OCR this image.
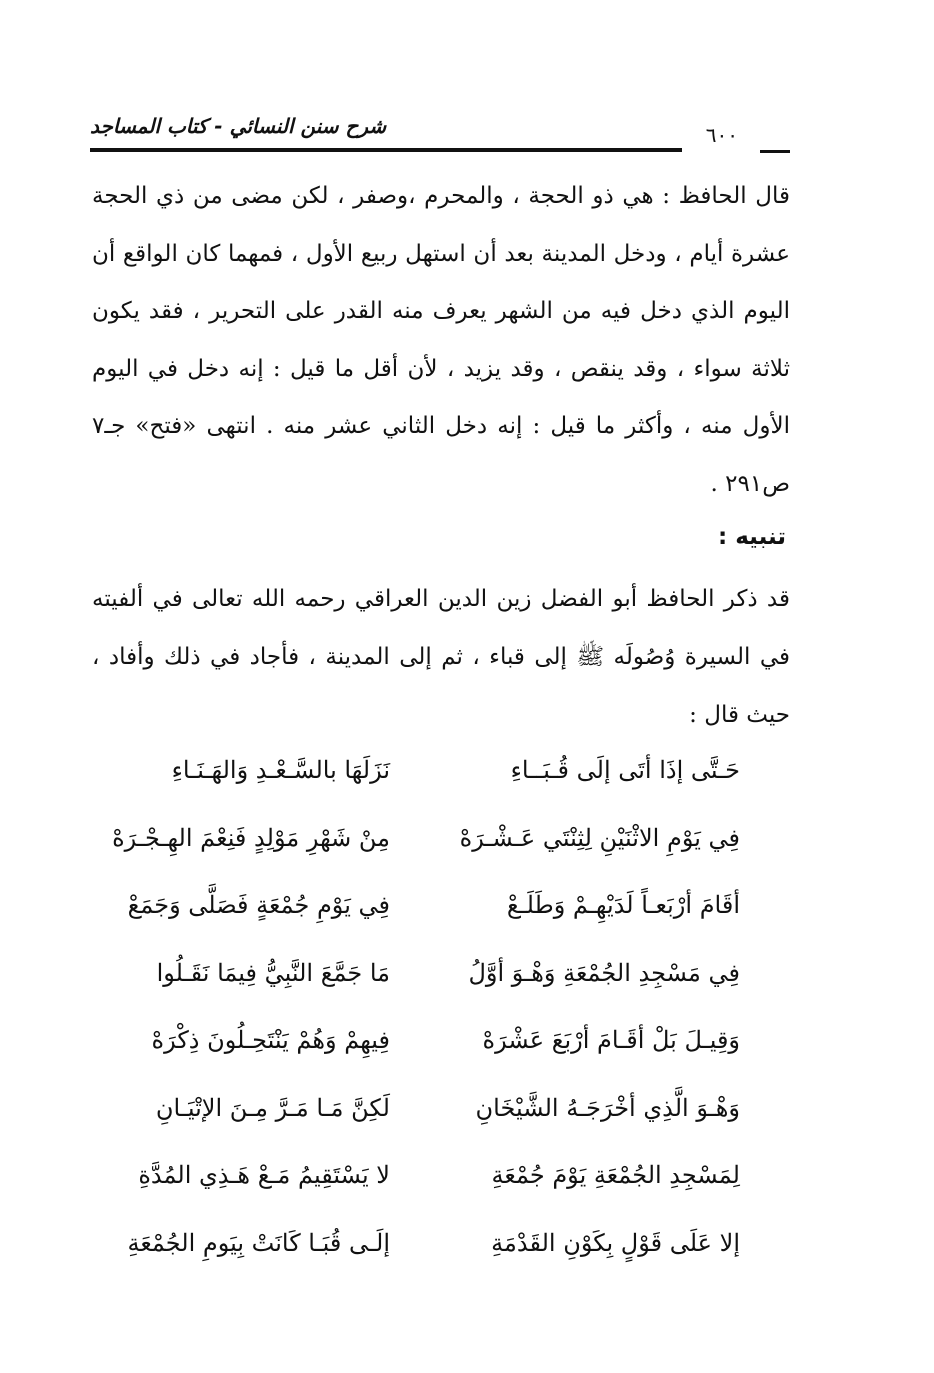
شرح سنن النسائي - كتاب المساجد	٦٠٠

قال الحافظ : هي ذو الحجة ، والمحرم ،وصفر ، لكن مضى من ذي الحجة عشرة أيام ، ودخل المدينة بعد أن استهل ربيع الأول ، فمهما كان الواقع أن اليوم الذي دخل فيه من الشهر يعرف منه القدر على التحرير ، فقد يكون ثلاثة سواء ، وقد ينقص ، وقد يزيد ، لأن أقل ما قيل : إنه دخل في اليوم الأول منه ، وأكثر ما قيل : إنه دخل الثاني عشر منه . انتهى «فتح» جـ٧ ص٢٩١ .

تنبيه :

قد ذكر الحافظ أبو الفضل زين الدين العراقي رحمه الله تعالى في ألفيته في السيرة وُصُولَه ﷺ إلى قباء ، ثم إلى المدينة ، فأجاد في ذلك وأفاد ، حيث قال :

حَـتَّى إذَا أتَى إلَى قُـبَــاءِ
نَزَلَهَا بالسَّـعْـدِ وَالهَـنَـاءِ
فِي يَوْمِ الاثْنَيْنِ لِثِنْتَي عَـشْـرَهْ
مِنْ شَهْرِ مَوْلِدٍ فَنِعْمَ الهِـجْـرَهْ
أقَامَ أرْبَعـاً لَدَيْهِـمْ وَطَلَـعْ
فِي يَوْمِ جُمْعَةٍ فَصَلَّى وَجَمَعْ
فِي مَسْجِدِ الجُمْعَةِ وَهْـوَ أوَّلُ
مَا جَمَّعَ النَّبِيُّ فِيمَا نَقَـلُوا
وَقِيـلَ بَلْ أقَـامَ أرْبَعَ عَشْرَهْ
فِيهِمْ وَهُمْ يَنْتَحِـلُونَ ذِكْرَهْ
وَهْـوَ الَّذِي أخْرَجَـهُ الشَّيْخَانِ
لَكِنَّ مَـا مَـرَّ مِـنَ الإتْيَـانِ
لِمَسْجِدِ الجُمْعَةِ يَوْمَ جُمْعَةِ
لا يَسْتَقِيمُ مَـعْ هَـذِي المُدَّةِ
إلا عَلَى قَوْلٍ بِكَوْنِ القَدْمَةِ
إلَـى قُبَـا كَانَتْ بِيَومِ الجُمْعَةِ
